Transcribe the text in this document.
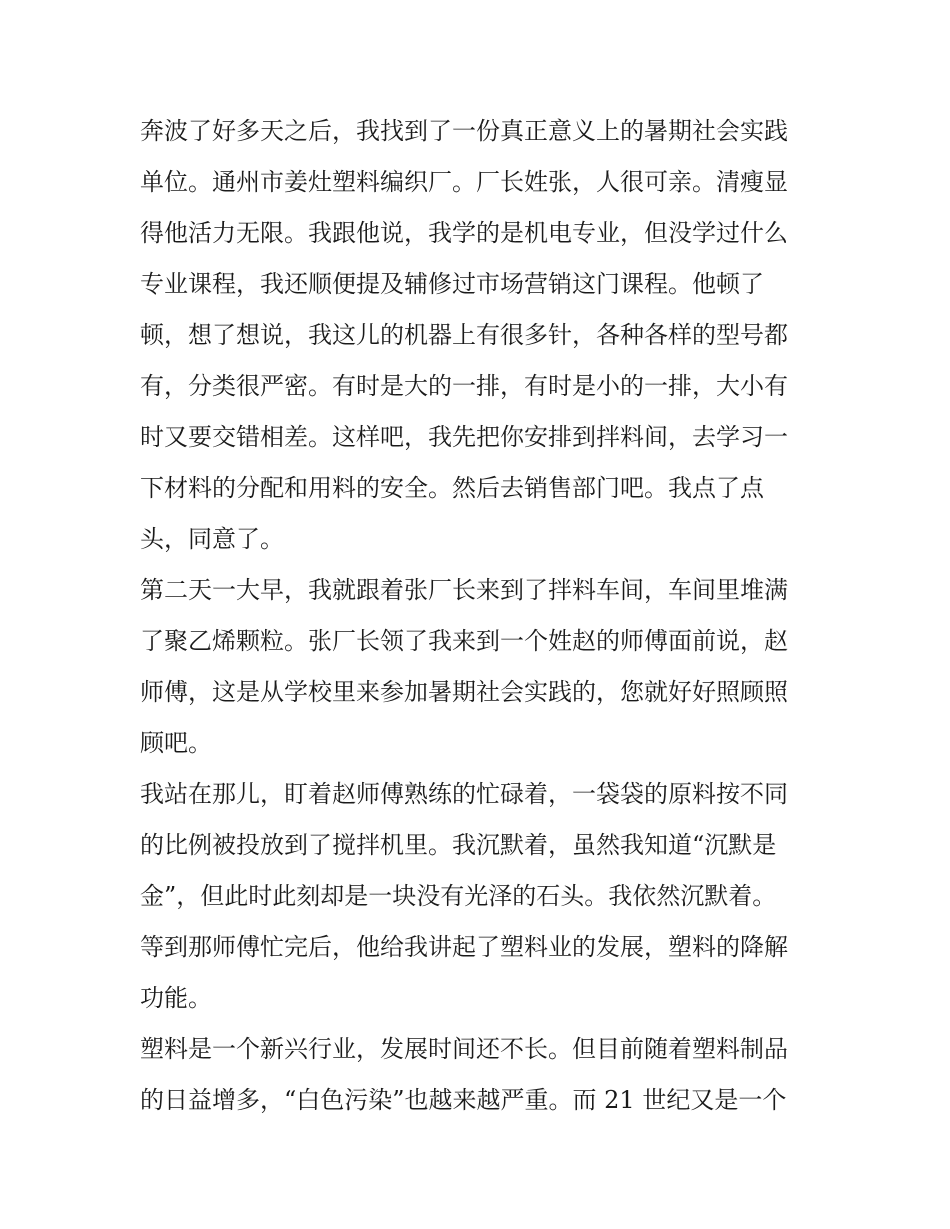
奔波了好多天之后，我找到了一份真正意义上的暑期社会实践
单位。通州市姜灶塑料编织厂。厂长姓张，人很可亲。清瘦显
得他活力无限。我跟他说，我学的是机电专业，但没学过什么
专业课程，我还顺便提及辅修过市场营销这门课程。他顿了
顿，想了想说，我这儿的机器上有很多针，各种各样的型号都
有，分类很严密。有时是大的一排，有时是小的一排，大小有
时又要交错相差。这样吧，我先把你安排到拌料间，去学习一
下材料的分配和用料的安全。然后去销售部门吧。我点了点
头，同意了。
第二天一大早，我就跟着张厂长来到了拌料车间，车间里堆满
了聚乙烯颗粒。张厂长领了我来到一个姓赵的师傅面前说，赵
师傅，这是从学校里来参加暑期社会实践的，您就好好照顾照
顾吧。
我站在那儿，盯着赵师傅熟练的忙碌着，一袋袋的原料按不同
的比例被投放到了搅拌机里。我沉默着，虽然我知道“沉默是
金”，但此时此刻却是一块没有光泽的石头。我依然沉默着。
等到那师傅忙完后，他给我讲起了塑料业的发展，塑料的降解
功能。
塑料是一个新兴行业，发展时间还不长。但目前随着塑料制品
的日益增多，“白色污染”也越来越严重。而 21 世纪又是一个
